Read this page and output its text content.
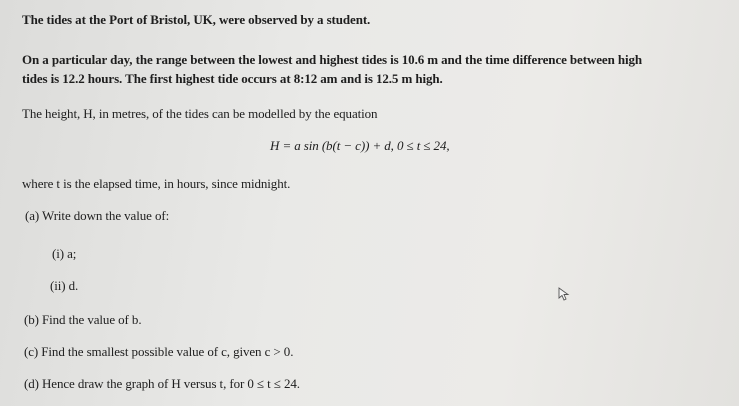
The tides at the Port of Bristol, UK, were observed by a student.
On a particular day, the range between the lowest and highest tides is 10.6 m and the time difference between high
tides is 12.2 hours. The first highest tide occurs at 8:12 am and is 12.5 m high.
The height, H, in metres, of the tides can be modelled by the equation
H = a sin (b(t − c)) + d, 0 ≤ t ≤ 24,
where t is the elapsed time, in hours, since midnight.
(a) Write down the value of:
(i) a;
(ii) d.
(b) Find the value of b.
(c) Find the smallest possible value of c, given c > 0.
(d) Hence draw the graph of H versus t, for 0 ≤ t ≤ 24.
